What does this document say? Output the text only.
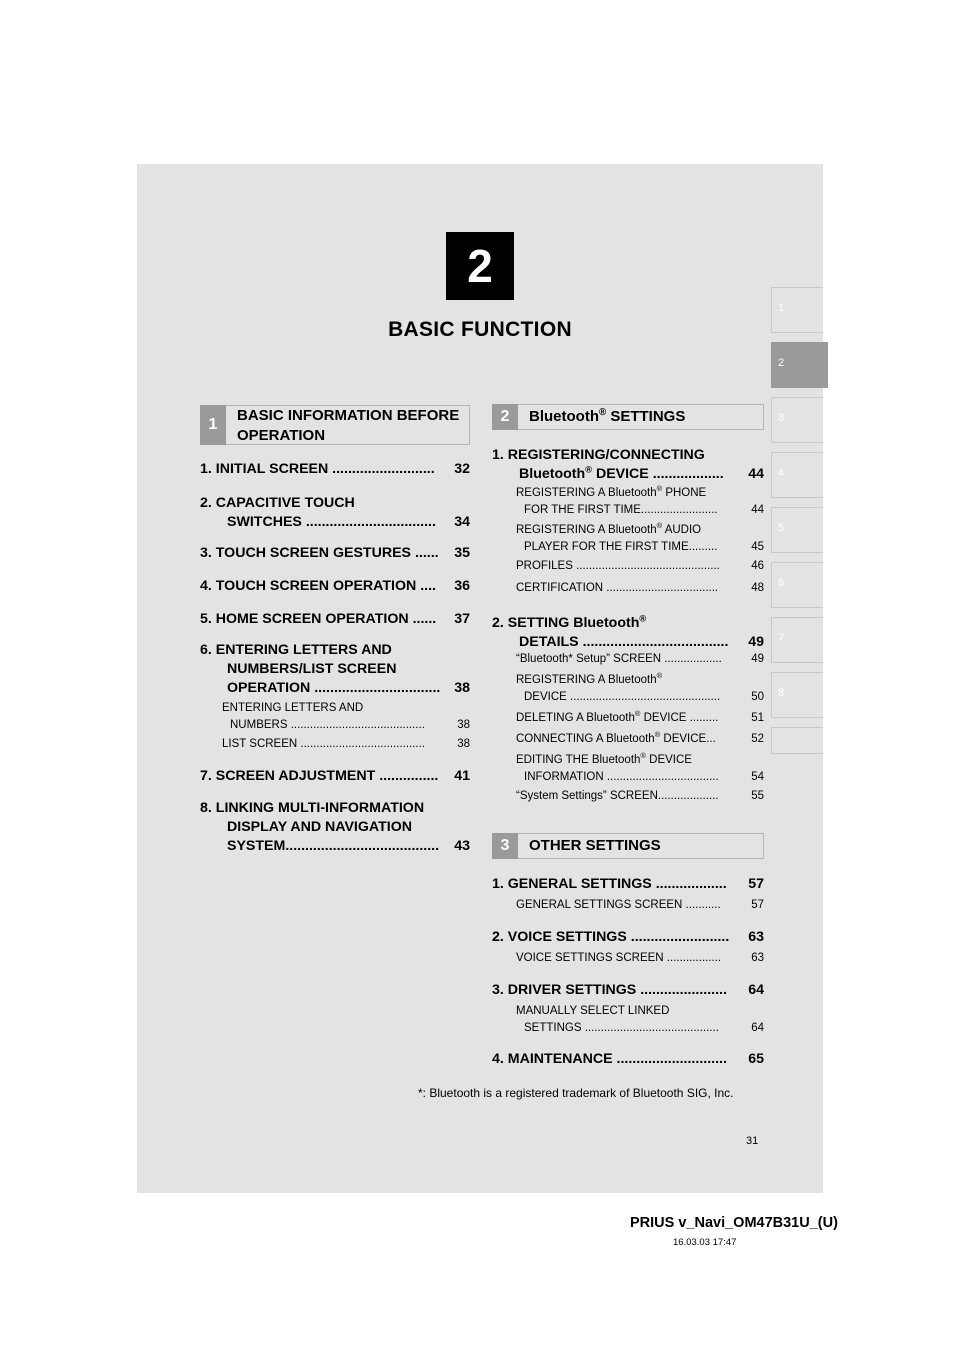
2
BASIC FUNCTION
1
2
3
4
5
6
7
8
1
BASIC INFORMATION BEFORE
OPERATION
1. INITIAL SCREEN .......................... 32
2. CAPACITIVE TOUCH
SWITCHES .................................	34
3. TOUCH SCREEN GESTURES ...... 35
4. TOUCH SCREEN OPERATION .... 36
5. HOME SCREEN OPERATION ...... 37
6. ENTERING LETTERS AND
NUMBERS/LIST SCREEN
OPERATION ................................ 38
ENTERING LETTERS AND
NUMBERS ..........................................	38
LIST SCREEN .......................................	38
7. SCREEN ADJUSTMENT ............... 41
8. LINKING MULTI-INFORMATION
DISPLAY AND NAVIGATION
SYSTEM.......................................	43
2	Bluetooth® SETTINGS
1. REGISTERING/CONNECTING
Bluetooth® DEVICE ..................	44
REGISTERING A Bluetooth® PHONE
FOR THE FIRST TIME........................	44
REGISTERING A Bluetooth® AUDIO
PLAYER FOR THE FIRST TIME.........	45
PROFILES .............................................	46
CERTIFICATION ...................................	48
2. SETTING Bluetooth®
DETAILS .....................................	49
“Bluetooth* Setup” SCREEN ..................	49
REGISTERING A Bluetooth®
DEVICE ...............................................	50
DELETING A Bluetooth® DEVICE .........	51
CONNECTING A Bluetooth® DEVICE...	52
EDITING THE Bluetooth® DEVICE
INFORMATION ...................................	54
“System Settings” SCREEN...................	55
3	OTHER SETTINGS
1. GENERAL SETTINGS .................. 57
GENERAL SETTINGS SCREEN ...........	57
2. VOICE SETTINGS ......................... 63
VOICE SETTINGS SCREEN .................	63
3. DRIVER SETTINGS ...................... 64
MANUALLY SELECT LINKED
SETTINGS ..........................................	64
4. MAINTENANCE ............................ 65
*: Bluetooth is a registered trademark of Bluetooth SIG, Inc.
31
PRIUS v_Navi_OM47B31U_(U)
16.03.03 17:47
